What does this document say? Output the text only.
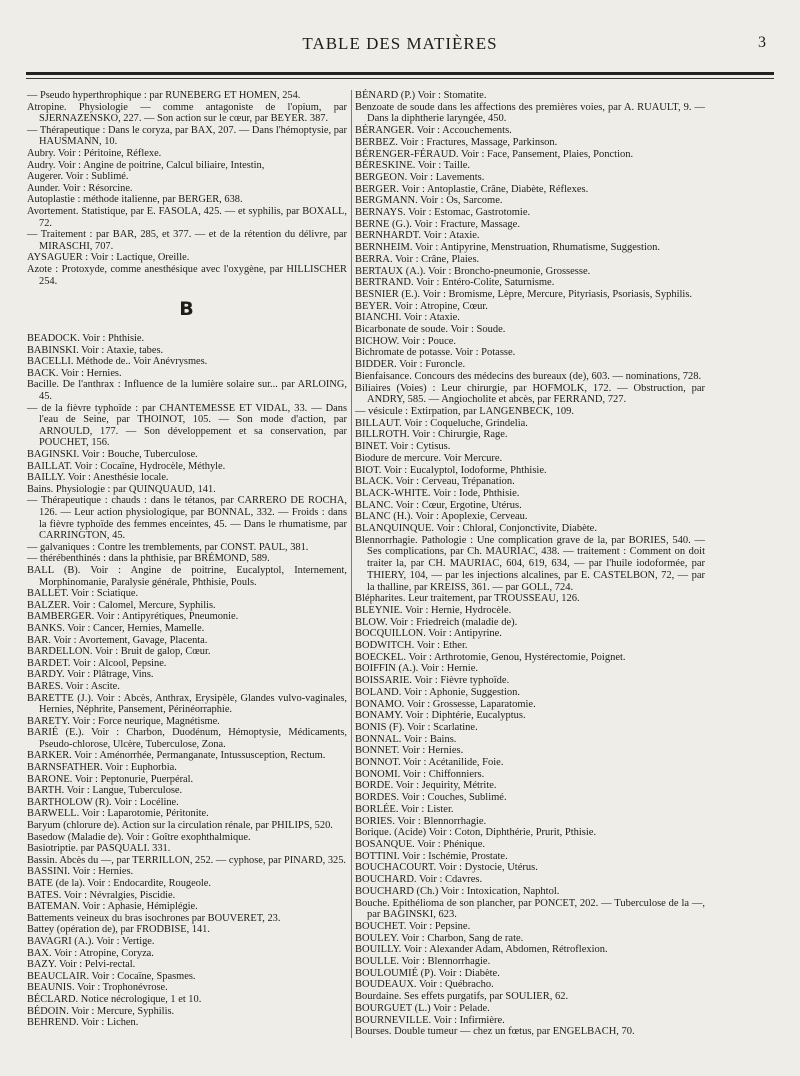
TABLE DES MATIÈRES	3

— Pseudo hyperthrophique : par RUNEBERG ET HOMEN, 254.

Atropine. Physiologie — comme antagoniste de l'opium, par SJERNAZENSKO, 227. — Son action sur le cœur, par BEYER. 387.

— Thérapeutique : Dans le coryza, par BAX, 207. — Dans l'hémoptysie, par HAUSMANN, 10.

Aubry. Voir : Péritoine, Réflexe.

Audry. Voir : Angine de poitrine, Calcul biliaire, Intestin,

Augerer. Voir : Sublimé.

Aunder. Voir : Résorcine.

Autoplastie : méthode italienne, par BERGER, 638.

Avortement. Statistique, par E. FASOLA, 425. — et syphilis, par BOXALL, 72.

— Traitement : par BAR, 285, et 377. — et de la rétention du délivre, par MIRASCHI, 707.

AYSAGUER : Voir : Lactique, Oreille.

Azote : Protoxyde, comme anesthésique avec l'oxygène, par HILLISCHER 254.

B

BEADOCK. Voir : Phthisie.

BABINSKI. Voir : Ataxie, tabes.

BACELLI. Méthode de.. Voir Anévrysmes.

BACK. Voir : Hernies.

Bacille. De l'anthrax : Influence de la lumière solaire sur... par ARLOING, 45.

— de la fièvre typhoïde : par CHANTEMESSE ET VIDAL, 33. — Dans l'eau de Seine, par THOINOT, 105. — Son mode d'action, par ARNOULD, 177. — Son développement et sa conservation, par POUCHET, 156.

BAGINSKI. Voir : Bouche, Tuberculose.

BAILLAT. Voir : Cocaïne, Hydrocèle, Méthyle.

BAILLY. Voir : Anesthésie locale.

Bains. Physiologie : par QUINQUAUD, 141.

— Thérapeutique : chauds : dans le tétanos, par CARRERO DE ROCHA, 126. — Leur action physiologique, par BONNAL, 332. — Froids : dans la fièvre typhoïde des femmes enceintes, 45. — Dans le rhumatisme, par CARRINGTON, 45.

— galvaniques : Contre les tremblements, par CONST. PAUL, 381.

— thérébenthinés : dans la phthisie, par BRÉMOND, 589.

BALL (B). Voir : Angine de poitrine, Eucalyptol, Internement, Morphinomanie, Paralysie générale, Phthisie, Pouls.

BALLET. Voir : Sciatique.

BALZER. Voir : Calomel, Mercure, Syphilis.

BAMBERGER. Voir : Antipyrétiques, Pneumonie.

BANKS. Voir : Cancer, Hernies, Mamelle.

BAR. Voir : Avortement, Gavage, Placenta.

BARDELLON. Voir : Bruit de galop, Cœur.

BARDET. Voir : Alcool, Pepsine.

BARDY. Voir : Plâtrage, Vins.

BARES. Voir : Ascite.

BARETTE (J.). Voir : Abcès, Anthrax, Erysipèle, Glandes vulvo-vaginales, Hernies, Néphrite, Pansement, Périnéorraphie.

BARETY. Voir : Force neurique, Magnétisme.

BARIÉ (E.). Voir : Charbon, Duodénum, Hémoptysie, Médicaments, Pseudo-chlorose, Ulcère, Tuberculose, Zona.

BARKER. Voir : Aménorrhée, Permanganate, Intussusception, Rectum.

BARNSFATHER. Voir : Euphorbia.

BARONE. Voir : Peptonurie, Puerpéral.

BARTH. Voir : Langue, Tuberculose.

BARTHOLOW (R). Voir : Locéline.

BARWELL. Voir : Laparotomie, Péritonite.

Baryum (chlorure de). Action sur la circulation rénale, par PHILIPS, 520.

Basedow (Maladie de). Voir : Goître exophthalmique.

Basiotriptie. par PASQUALI. 331.

Bassin. Abcès du —, par TERRILLON, 252. — cyphose, par PINARD, 325.

BASSINI. Voir : Hernies.

BATE (de la). Voir : Endocardite, Rougeole.

BATES. Voir : Névralgies, Piscidie.

BATEMAN. Voir : Aphasie, Hémiplégie.

Battements veineux du bras isochrones par BOUVERET, 23.

Battey (opération de), par FRODBISE, 141.

BAVAGRI (A.). Voir : Vertige.

BAX. Voir : Atropine, Coryza.

BAZY. Voir : Pelvi-rectal.

BEAUCLAIR. Voir : Cocaïne, Spasmes.

BEAUNIS. Voir : Trophonévrose.

BÉCLARD. Notice nécrologique, 1 et 10.

BÉDOIN. Voir : Mercure, Syphilis.

BEHREND. Voir : Lichen.

BÉNARD (P.) Voir : Stomatite.

Benzoate de soude dans les affections des premières voies, par A. RUAULT, 9. — Dans la diphtherie laryngée, 450.

BÉRANGER. Voir : Accouchements.

BERBEZ. Voir : Fractures, Massage, Parkinson.

BÉRENGER-FÉRAUD. Voir : Face, Pansement, Plaies, Ponction.

BÉRESKINE. Voir : Taille.

BERGEON. Voir : Lavements.

BERGER. Voir : Antoplastie, Crâne, Diabète, Réflexes.

BERGMANN. Voir : Os, Sarcome.

BERNAYS. Voir : Estomac, Gastrotomie.

BERNE (G.). Voir : Fracture, Massage.

BERNHARDT. Voir : Ataxie.

BERNHEIM. Voir : Antipyrine, Menstruation, Rhumatisme, Suggestion.

BERRA. Voir : Crâne, Plaies.

BERTAUX (A.). Voir : Broncho-pneumonie, Grossesse.

BERTRAND. Voir : Entéro-Colite, Saturnisme.

BESNIER (E.). Voir : Bromisme, Lèpre, Mercure, Pityriasis, Psoriasis, Syphilis.

BEYER. Voir : Atropine, Cœur.

BIANCHI. Voir : Ataxie.

Bicarbonate de soude. Voir : Soude.

BICHOW. Voir : Pouce.

Bichromate de potasse. Voir : Potasse.

BIDDER. Voir : Furoncle.

Bienfaisance. Concours des médecins des bureaux (de), 603. — nominations, 728.

Biliaires (Voies) : Leur chirurgie, par HOFMOLK, 172. — Obstruction, par ANDRY, 585. — Angiocholite et abcès, par FERRAND, 727.

— vésicule : Extirpation, par LANGENBECK, 109.

BILLAUT. Voir : Coqueluche, Grindelia.

BILLROTH. Voir : Chirurgie, Rage.

BINET. Voir : Cytisus.

Biodure de mercure. Voir Mercure.

BIOT. Voir : Eucalyptol, Iodoforme, Phthisie.

BLACK. Voir : Cerveau, Trépanation.

BLACK-WHITE. Voir : Iode, Phthisie.

BLANC. Voir : Cœur, Ergotine, Utérus.

BLANC (H.). Voir : Apoplexie, Cerveau.

BLANQUINQUE. Voir : Chloral, Conjonctivite, Diabète.

Blennorrhagie. Pathologie : Une complication grave de la, par BORIES, 540. — Ses complications, par Ch. MAURIAC, 438. — traitement : Comment on doit traiter la, par CH. MAURIAC, 604, 619, 634, — par l'huile iodoformée, par THIERY, 104, — par les injections alcalines, par E. CASTELBON, 72, — par la thalline, par KREISS, 361. — par GOLL, 724.

Blépharites. Leur traitement, par TROUSSEAU, 126.

BLEYNIE. Voir : Hernie, Hydrocèle.

BLOW. Voir : Friedreich (maladie de).

BOCQUILLON. Voir : Antipyrine.

BODWITCH. Voir : Ether.

BOECKEL. Voir : Arthrotomie, Genou, Hystérectomie, Poignet.

BOIFFIN (A.). Voir : Hernie.

BOISSARIE. Voir : Fièvre typhoïde.

BOLAND. Voir : Aphonie, Suggestion.

BONAMO. Voir : Grossesse, Laparatomie.

BONAMY. Voir : Diphtérie, Eucalyptus.

BONIS (F). Voir : Scarlatine.

BONNAL. Voir : Bains.

BONNET. Voir : Hernies.

BONNOT. Voir : Acétanilide, Foie.

BONOMI. Voir : Chiffonniers.

BORDE. Voir : Jequirity, Métrite.

BORDES. Voir : Couches, Sublimé.

BORLÉE. Voir : Lister.

BORIES. Voir : Blennorrhagie.

Borique. (Acide) Voir : Coton, Diphthérie, Prurit, Pthisie.

BOSANQUE. Voir : Phénique.

BOTTINI. Voir : Ischémie, Prostate.

BOUCHACOURT. Voir : Dystocie, Utérus.

BOUCHARD. Voir : Cdavres.

BOUCHARD (Ch.) Voir : Intoxication, Naphtol.

Bouche. Epithélioma de son plancher, par PONCET, 202. — Tuberculose de la —, par BAGINSKI, 623.

BOUCHET. Voir : Pepsine.

BOULEY. Voir : Charbon, Sang de rate.

BOUILLY. Voir : Alexander Adam, Abdomen, Rétroflexion.

BOULLE. Voir : Blennorrhagie.

BOULOUMIÉ (P). Voir : Diabète.

BOUDEAUX. Voir : Québracho.

Bourdaine. Ses effets purgatifs, par SOULIER, 62.

BOURGUET (L.) Voir : Pelade.

BOURNEVILLE. Voir : Infirmière.

Bourses. Double tumeur — chez un fœtus, par ENGELBACH, 70.
